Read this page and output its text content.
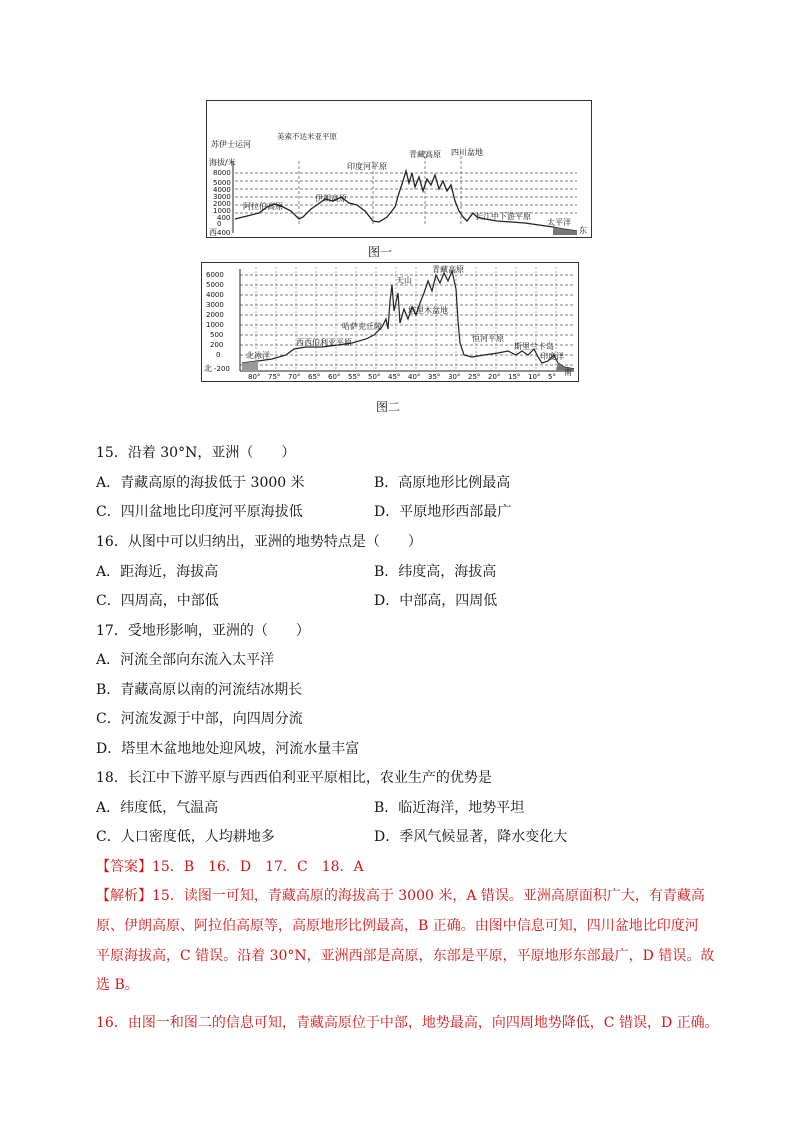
苏伊士运河
海拔/米
8000
5000
4000
3000
2000
1000
400
0
西 400
美索不达米亚平原
印度河平原
青藏高原 四川盆地
阿拉伯高原
伊朗高原
长江中下游平原
太平洋
东
图一
6000
5000
4000
3000
2000
1000
500
200
0
北 -200	南
80° 75° 70° 65° 60° 55° 50° 45° 40° 35° 30° 25° 20° 15° 10° 5°
北冰洋
西西伯利亚平原
哈萨克丘陵
天山
青藏高原
塔里木盆地
恒河平原
斯里兰卡岛
印度洋
图二
15．沿着 30°N，亚洲（　　）
A．青藏高原的海拔低于 3000 米	B．高原地形比例最高
C．四川盆地比印度河平原海拔低	D．平原地形西部最广
16．从图中可以归纳出，亚洲的地势特点是（　　）
A．距海近，海拔高	B．纬度高，海拔高
C．四周高，中部低	D．中部高，四周低
17．受地形影响，亚洲的（　　）
A．河流全部向东流入太平洋
B．青藏高原以南的河流结冰期长
C．河流发源于中部，向四周分流
D．塔里木盆地地处迎风坡，河流水量丰富
18．长江中下游平原与西西伯利亚平原相比，农业生产的优势是
A．纬度低，气温高	B．临近海洋，地势平坦
C．人口密度低，人均耕地多	D．季风气候显著，降水变化大
【答案】15．B　16．D　17．C　18．A
【解析】15．读图一可知，青藏高原的海拔高于 3000 米，A 错误。亚洲高原面积广大，有青藏高
原、伊朗高原、阿拉伯高原等，高原地形比例最高，B 正确。由图中信息可知，四川盆地比印度河
平原海拔高，C 错误。沿着 30°N，亚洲西部是高原，东部是平原，平原地形东部最广，D 错误。故
选 B。
16．由图一和图二的信息可知，青藏高原位于中部，地势最高，向四周地势降低，C 错误，D 正确。
